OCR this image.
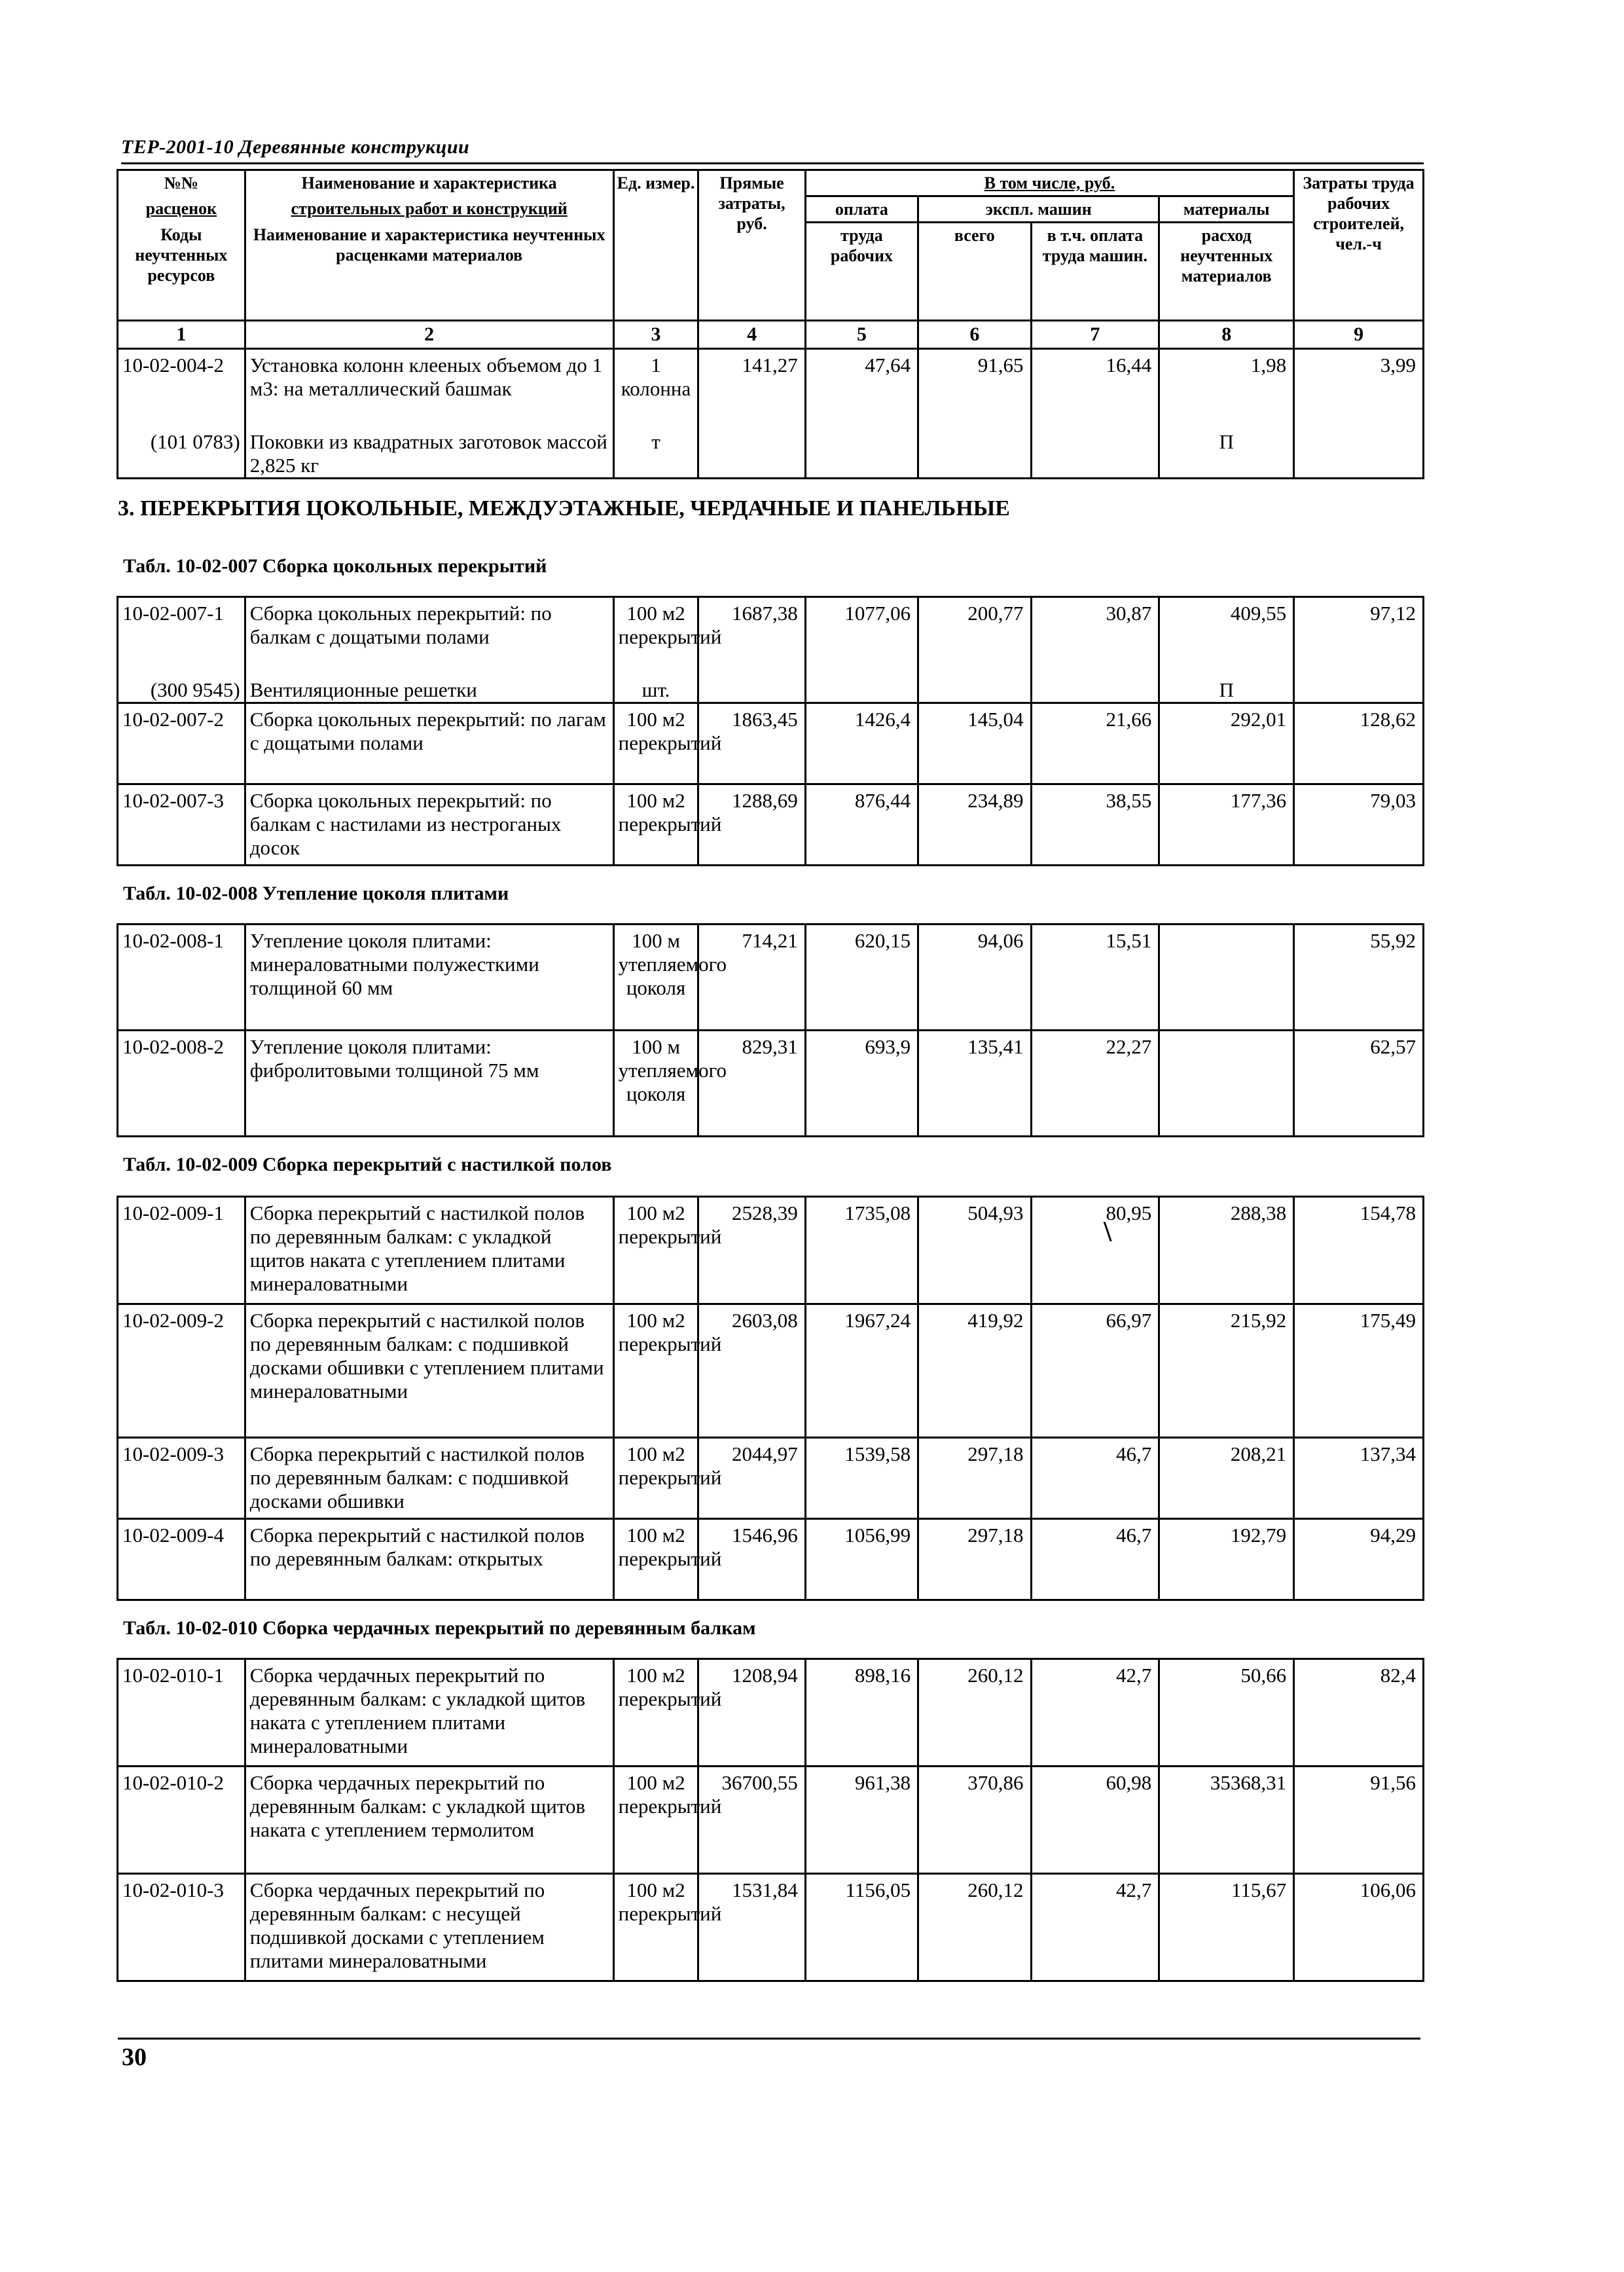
ТЕР-2001-10 Деревянные конструкции
№№	Наименование и характеристика	Ед. измер.	Прямые затраты, руб.	В том числе, руб.				Затраты труда рабочих строителей, чел.-ч
расценок	строительных работ и конструкций			оплата	экспл. машин		материалы	
Коды неучтенных ресурсов	Наименование и характеристика неучтенных расценками материалов			труда рабочих	всего	в т.ч. оплата труда машин.	расход неучтенных материалов	
1	2	3	4	5	6	7	8	9
10-02-004-2	Установка колонн клееных объемом до 1 м3: на металлический башмак	1 колонна	141,27	47,64	91,65	16,44	1,98	3,99
(101 0783)	Поковки из квадратных заготовок массой 2,825 кг	т					П	
3. ПЕРЕКРЫТИЯ ЦОКОЛЬНЫЕ, МЕЖДУЭТАЖНЫЕ, ЧЕРДАЧНЫЕ И ПАНЕЛЬНЫЕ
Табл. 10-02-007 Сборка цокольных перекрытий
10-02-007-1	Сборка цокольных перекрытий: по балкам с дощатыми полами	100 м2 перекрытий	1687,38	1077,06	200,77	30,87	409,55	97,12
(300 9545)	Вентиляционные решетки	шт.					П	
10-02-007-2	Сборка цокольных перекрытий: по лагам с дощатыми полами	100 м2 перекрытий	1863,45	1426,4	145,04	21,66	292,01	128,62
10-02-007-3	Сборка цокольных перекрытий: по балкам с настилами из нестроганых досок	100 м2 перекрытий	1288,69	876,44	234,89	38,55	177,36	79,03
Табл. 10-02-008 Утепление цоколя плитами
10-02-008-1	Утепление цоколя плитами: минераловатными полужесткими толщиной 60 мм	100 м утепляемого цоколя	714,21	620,15	94,06	15,51		55,92
10-02-008-2	Утепление цоколя плитами: фибролитовыми толщиной 75 мм	100 м утепляемого цоколя	829,31	693,9	135,41	22,27		62,57
Табл. 10-02-009 Сборка перекрытий с настилкой полов
10-02-009-1	Сборка перекрытий с настилкой полов по деревянным балкам: с укладкой щитов наката с утеплением плитами минераловатными	100 м2 перекрытий	2528,39	1735,08	504,93	80,95	288,38	154,78
10-02-009-2	Сборка перекрытий с настилкой полов по деревянным балкам: с подшивкой досками обшивки с утеплением плитами минераловатными	100 м2 перекрытий	2603,08	1967,24	419,92	66,97	215,92	175,49
10-02-009-3	Сборка перекрытий с настилкой полов по деревянным балкам: с подшивкой досками обшивки	100 м2 перекрытий	2044,97	1539,58	297,18	46,7	208,21	137,34
10-02-009-4	Сборка перекрытий с настилкой полов по деревянным балкам: открытых	100 м2 перекрытий	1546,96	1056,99	297,18	46,7	192,79	94,29
\
Табл. 10-02-010 Сборка чердачных перекрытий по деревянным балкам
10-02-010-1	Сборка чердачных перекрытий по деревянным балкам: с укладкой щитов наката с утеплением плитами минераловатными	100 м2 перекрытий	1208,94	898,16	260,12	42,7	50,66	82,4
10-02-010-2	Сборка чердачных перекрытий по деревянным балкам: с укладкой щитов наката с утеплением термолитом	100 м2 перекрытий	36700,55	961,38	370,86	60,98	35368,31	91,56
10-02-010-3	Сборка чердачных перекрытий по деревянным балкам: с несущей подшивкой досками с утеплением плитами минераловатными	100 м2 перекрытий	1531,84	1156,05	260,12	42,7	115,67	106,06
30
